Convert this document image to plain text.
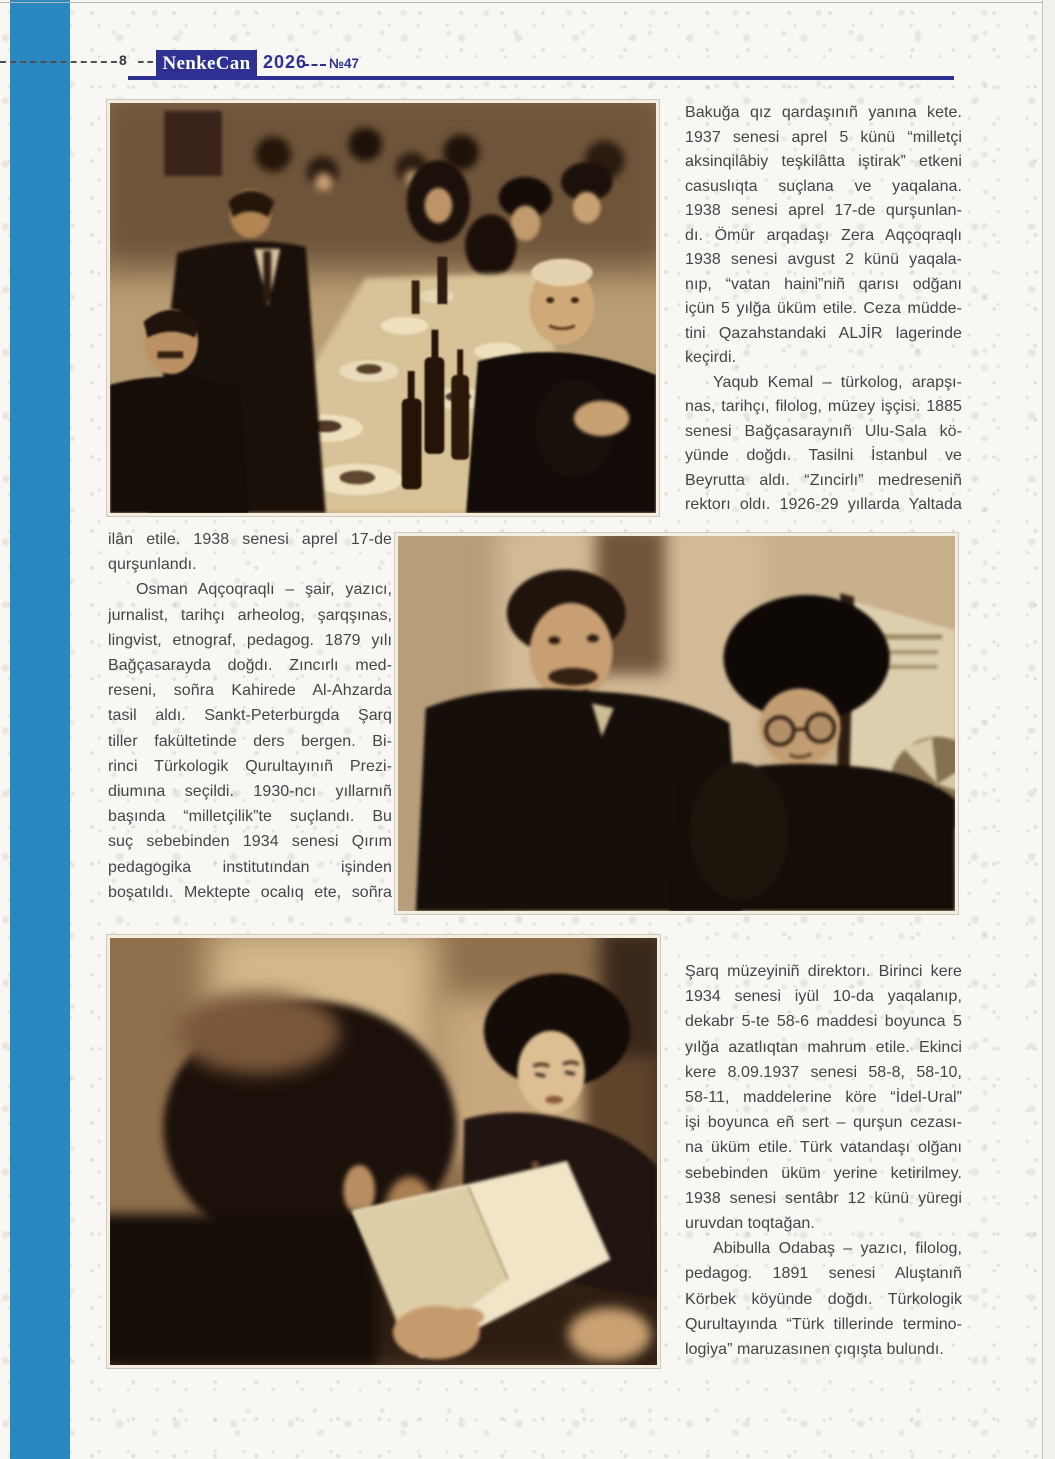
8	NenkeCan 2026 №47
Bakuğa qız qardaşınıñ yanına kete.
1937 senesi aprel 5 künü “milletçi
aksinqilâbiy teşkilâtta iştirak” etkeni
casuslıqta suçlana ve yaqalana.
1938 senesi aprel 17-de qurşunlan-
dı. Ömür arqadaşı Zera Aqçoqraqlı
1938 senesi avgust 2 künü yaqala-
nıp, “vatan haini”niñ qarısı odğanı
içün 5 yılğa üküm etile. Ceza müdde-
tini Qazahstandaki ALJİR lagerinde
keçirdi.
Yaqub Kemal – türkolog, arapşı-
nas, tarihçı, filolog, müzey işçisi. 1885
senesi Bağçasaraynıñ Ulu-Sala kö-
yünde doğdı. Tasilni İstanbul ve
Beyrutta aldı. “Zıncirlı” medreseniñ
rektorı oldı. 1926-29 yıllarda Yaltada
ilân etile. 1938 senesi aprel 17-de
qurşunlandı.
Osman Aqçoqraqlı – şair, yazıcı,
jurnalist, tarihçı arheolog, şarqşınas,
lingvist, etnograf, pedagog. 1879 yılı
Bağçasarayda doğdı. Zıncırlı med-
reseni, soñra Kahirede Al-Ahzarda
tasil aldı. Sankt-Peterburgda Şarq
tiller fakültetinde ders bergen. Bi-
rinci Türkologik Qurultayınıñ Prezi-
diumına seçildi. 1930-ncı yıllarnıñ
başında “milletçilik”te suçlandı. Bu
suç sebebinden 1934 senesi Qırım
pedagogika institutından işinden
boşatıldı. Mektepte ocalıq ete, soñra
Şarq müzeyiniñ direktorı. Birinci kere
1934 senesi iyül 10-da yaqalanıp,
dekabr 5-te 58-6 maddesi boyunca 5
yılğa azatlıqtan mahrum etile. Ekinci
kere 8.09.1937 senesi 58-8, 58-10,
58-11, maddelerine köre “İdel-Ural”
işi boyunca eñ sert – qurşun cezası-
na üküm etile. Türk vatandaşı olğanı
sebebinden üküm yerine ketirilmey.
1938 senesi sentâbr 12 künü yüregi
uruvdan toqtağan.
Abibulla Odabaş – yazıcı, filolog,
pedagog. 1891 senesi Aluştanıñ
Körbek köyünde doğdı. Türkologik
Qurultayında “Türk tillerinde termino-
logiya” maruzasınen çıqışta bulundı.
